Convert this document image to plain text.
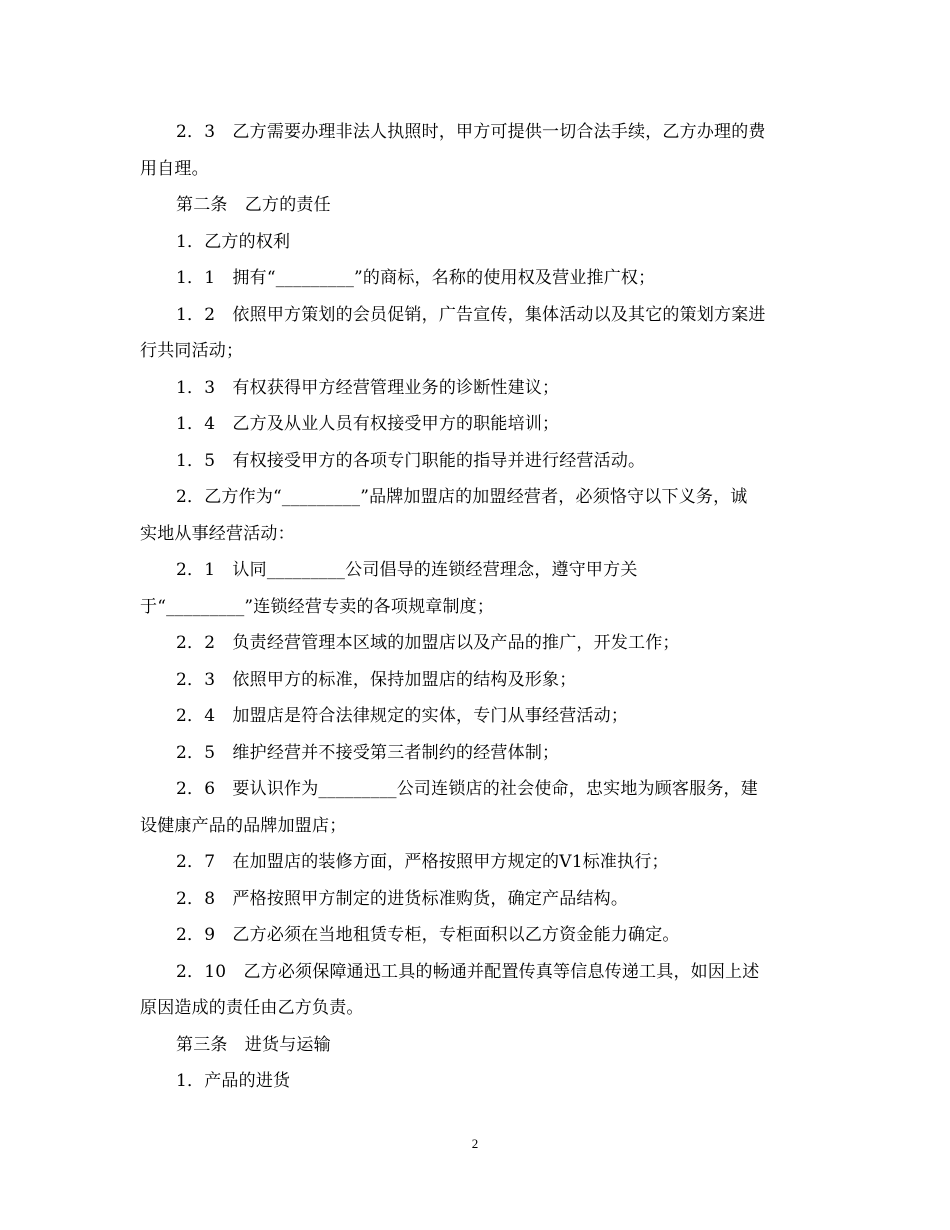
2．3　乙方需要办理非法人执照时，甲方可提供一切合法手续，乙方办理的费
用自理。
第二条　乙方的责任
1．乙方的权利
1．1　拥有“_________”的商标，名称的使用权及营业推广权；
1．2　依照甲方策划的会员促销，广告宣传，集体活动以及其它的策划方案进
行共同活动；
1．3　有权获得甲方经营管理业务的诊断性建议；
1．4　乙方及从业人员有权接受甲方的职能培训；
1．5　有权接受甲方的各项专门职能的指导并进行经营活动。
2．乙方作为“_________”品牌加盟店的加盟经营者，必须恪守以下义务，诚
实地从事经营活动：
2．1　认同_________公司倡导的连锁经营理念，遵守甲方关
于“_________”连锁经营专卖的各项规章制度；
2．2　负责经营管理本区域的加盟店以及产品的推广，开发工作；
2．3　依照甲方的标准，保持加盟店的结构及形象；
2．4　加盟店是符合法律规定的实体，专门从事经营活动；
2．5　维护经营并不接受第三者制约的经营体制；
2．6　要认识作为_________公司连锁店的社会使命，忠实地为顾客服务，建
设健康产品的品牌加盟店；
2．7　在加盟店的装修方面，严格按照甲方规定的V1标准执行；
2．8　严格按照甲方制定的进货标准购货，确定产品结构。
2．9　乙方必须在当地租赁专柜，专柜面积以乙方资金能力确定。
2．10　乙方必须保障通迅工具的畅通并配置传真等信息传递工具，如因上述
原因造成的责任由乙方负责。
第三条　进货与运输
1．产品的进货
2
